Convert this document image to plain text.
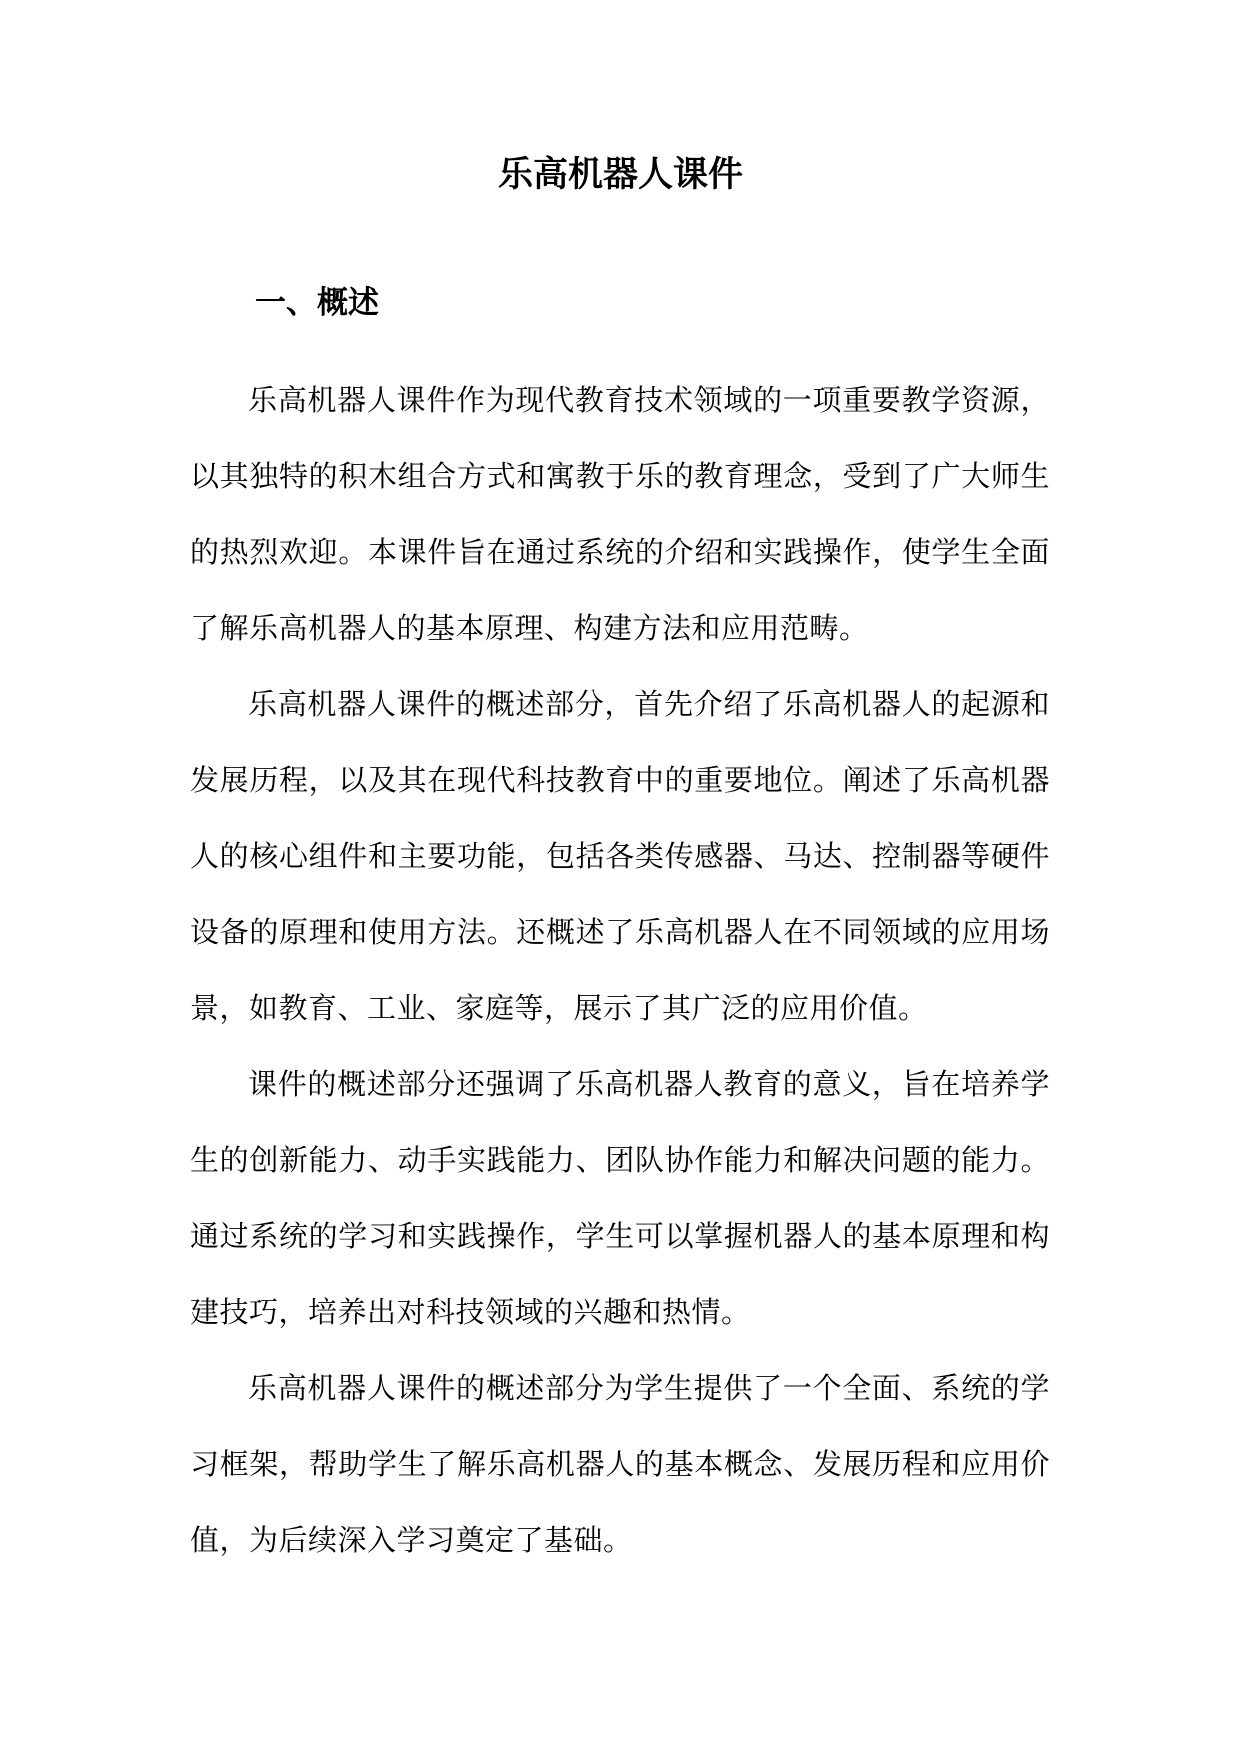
乐高机器人课件
一、概述

乐高机器人课件作为现代教育技术领域的一项重要教学资源，以其独特的积木组合方式和寓教于乐的教育理念，受到了广大师生的热烈欢迎。本课件旨在通过系统的介绍和实践操作，使学生全面了解乐高机器人的基本原理、构建方法和应用范畴。

乐高机器人课件的概述部分，首先介绍了乐高机器人的起源和发展历程，以及其在现代科技教育中的重要地位。阐述了乐高机器人的核心组件和主要功能，包括各类传感器、马达、控制器等硬件设备的原理和使用方法。还概述了乐高机器人在不同领域的应用场景，如教育、工业、家庭等，展示了其广泛的应用价值。

课件的概述部分还强调了乐高机器人教育的意义，旨在培养学生的创新能力、动手实践能力、团队协作能力和解决问题的能力。通过系统的学习和实践操作，学生可以掌握机器人的基本原理和构建技巧，培养出对科技领域的兴趣和热情。

乐高机器人课件的概述部分为学生提供了一个全面、系统的学习框架，帮助学生了解乐高机器人的基本概念、发展历程和应用价值，为后续深入学习奠定了基础。
